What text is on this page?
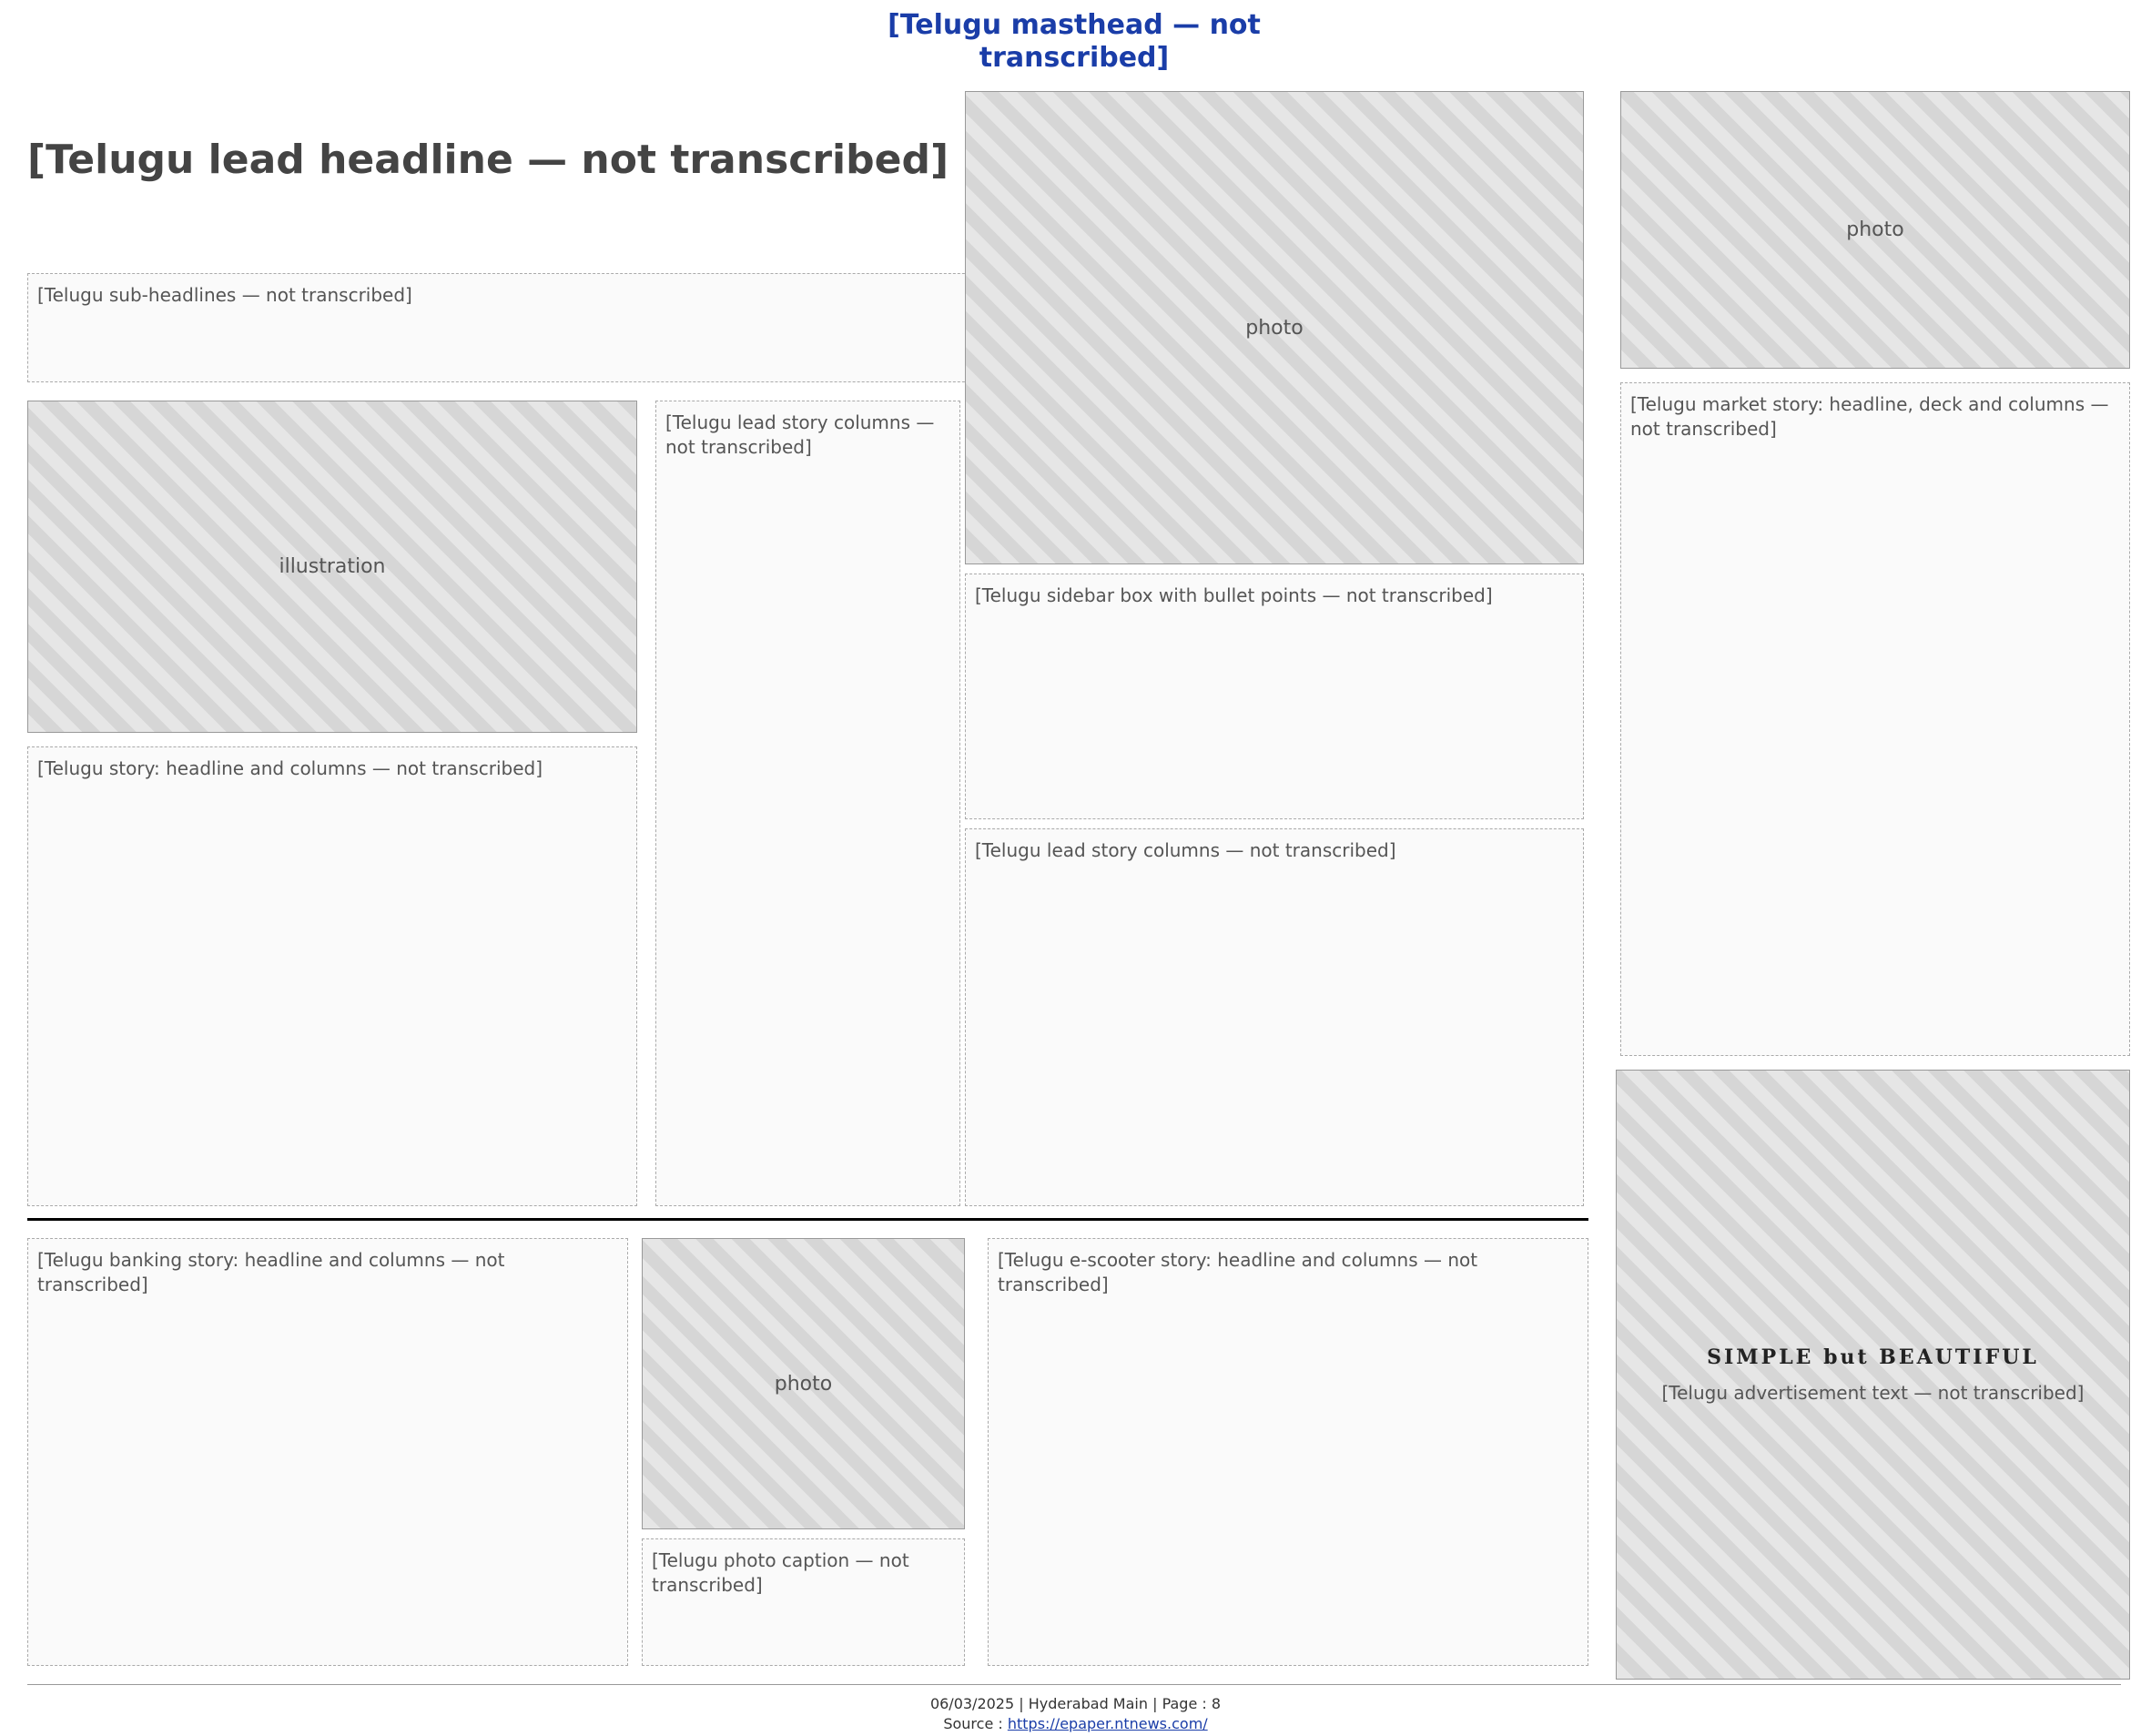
[Telugu masthead — not transcribed]
[Telugu lead headline — not transcribed]
[Telugu sub-headlines — not transcribed]
photo
illustration
[Telugu lead story columns — not transcribed]
[Telugu sidebar box with bullet points — not transcribed]
[Telugu lead story columns — not transcribed]
[Telugu story: headline and columns — not transcribed]
photo
[Telugu market story: headline, deck and columns — not transcribed]
SIMPLE but BEAUTIFUL
[Telugu advertisement text — not transcribed]
[Telugu banking story: headline and columns — not transcribed]
photo
[Telugu photo caption — not transcribed]
[Telugu e-scooter story: headline and columns — not transcribed]
06/03/2025 | Hyderabad Main | Page : 8
Source : https://epaper.ntnews.com/
